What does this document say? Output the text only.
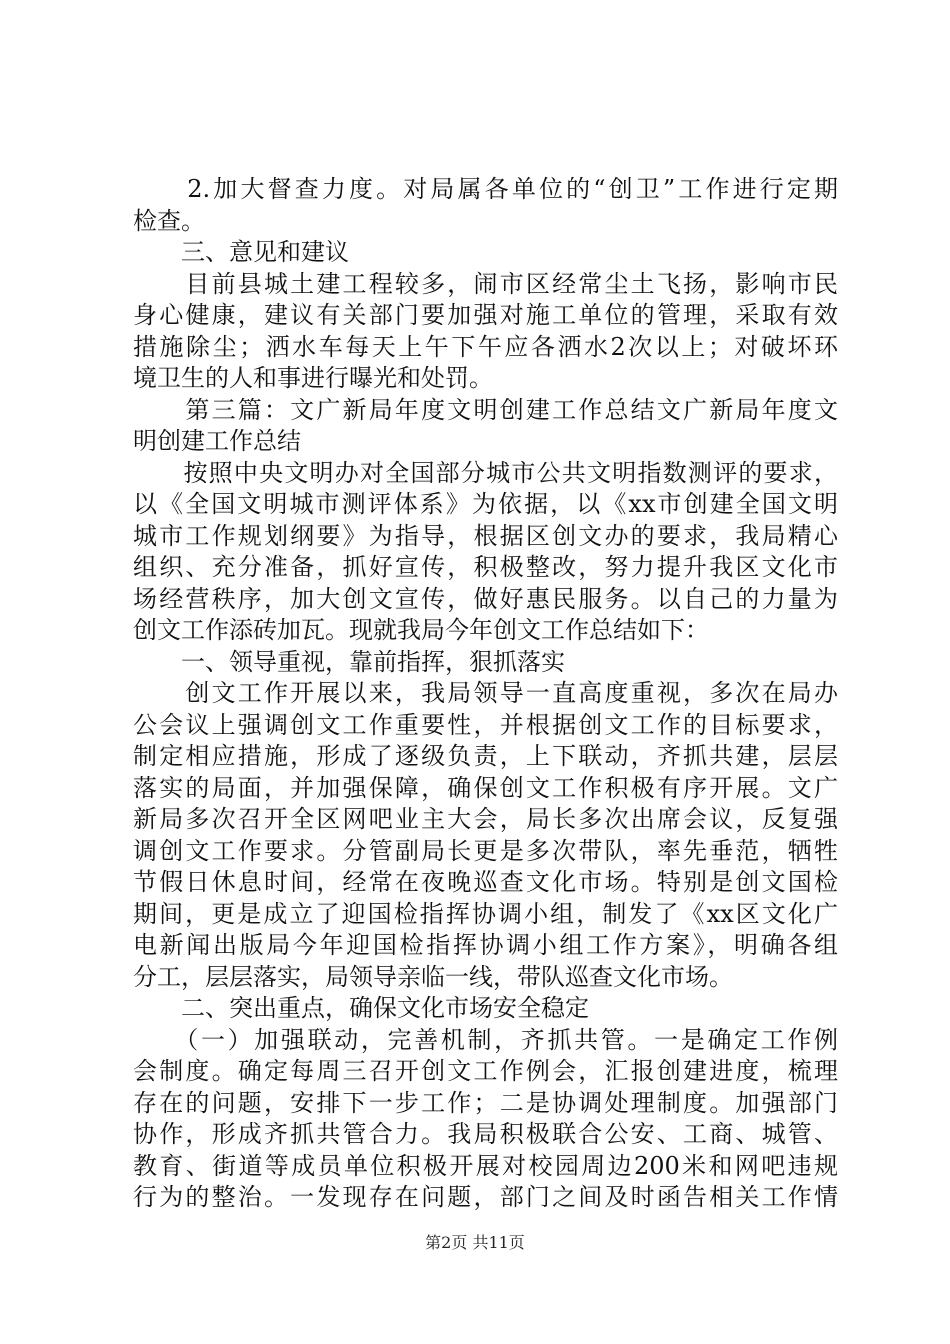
　　2.加大督查力度。对局属各单位的“创卫”工作进行定期
检查。
　　三、意见和建议
　　目前县城土建工程较多，闹市区经常尘土飞扬，影响市民
身心健康，建议有关部门要加强对施工单位的管理，采取有效
措施除尘；洒水车每天上午下午应各洒水2次以上；对破坏环
境卫生的人和事进行曝光和处罚。
　　第三篇：文广新局年度文明创建工作总结文广新局年度文
明创建工作总结
　　按照中央文明办对全国部分城市公共文明指数测评的要求，
以《全国文明城市测评体系》为依据，以《xx市创建全国文明
城市工作规划纲要》为指导，根据区创文办的要求，我局精心
组织、充分准备，抓好宣传，积极整改，努力提升我区文化市
场经营秩序，加大创文宣传，做好惠民服务。以自己的力量为
创文工作添砖加瓦。现就我局今年创文工作总结如下：
　　一、领导重视，靠前指挥，狠抓落实
　　创文工作开展以来，我局领导一直高度重视，多次在局办
公会议上强调创文工作重要性，并根据创文工作的目标要求，
制定相应措施，形成了逐级负责，上下联动，齐抓共建，层层
落实的局面，并加强保障，确保创文工作积极有序开展。文广
新局多次召开全区网吧业主大会，局长多次出席会议，反复强
调创文工作要求。分管副局长更是多次带队，率先垂范，牺牲
节假日休息时间，经常在夜晚巡查文化市场。特别是创文国检
期间，更是成立了迎国检指挥协调小组，制发了《xx区文化广
电新闻出版局今年迎国检指挥协调小组工作方案》，明确各组
分工，层层落实，局领导亲临一线，带队巡查文化市场。
　　二、突出重点，确保文化市场安全稳定
　　（一）加强联动，完善机制，齐抓共管。一是确定工作例
会制度。确定每周三召开创文工作例会，汇报创建进度，梳理
存在的问题，安排下一步工作；二是协调处理制度。加强部门
协作，形成齐抓共管合力。我局积极联合公安、工商、城管、
教育、街道等成员单位积极开展对校园周边200米和网吧违规
行为的整治。一发现存在问题，部门之间及时函告相关工作情
第2页 共11页
